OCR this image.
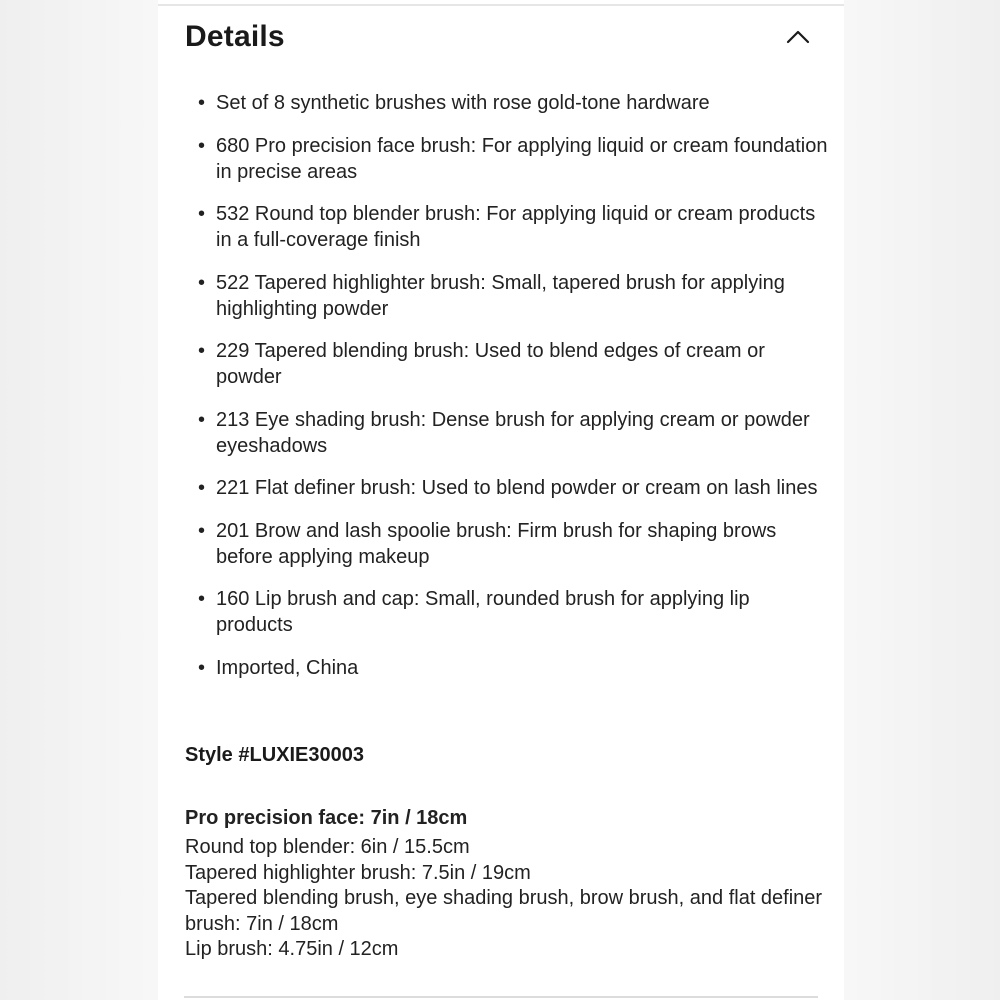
Details
• Set of 8 synthetic brushes with rose gold-tone hardware
• 680 Pro precision face brush: For applying liquid or cream foundation in precise areas
• 532 Round top blender brush: For applying liquid or cream products in a full-coverage finish
• 522 Tapered highlighter brush: Small, tapered brush for applying highlighting powder
• 229 Tapered blending brush: Used to blend edges of cream or powder
• 213 Eye shading brush: Dense brush for applying cream or powder eyeshadows
• 221 Flat definer brush: Used to blend powder or cream on lash lines
• 201 Brow and lash spoolie brush: Firm brush for shaping brows before applying makeup
• 160 Lip brush and cap: Small, rounded brush for applying lip products
• Imported, China
Style #LUXIE30003
Pro precision face: 7in / 18cm
Round top blender: 6in / 15.5cm
Tapered highlighter brush: 7.5in / 19cm
Tapered blending brush, eye shading brush, brow brush, and flat definer brush: 7in / 18cm
Lip brush: 4.75in / 12cm
